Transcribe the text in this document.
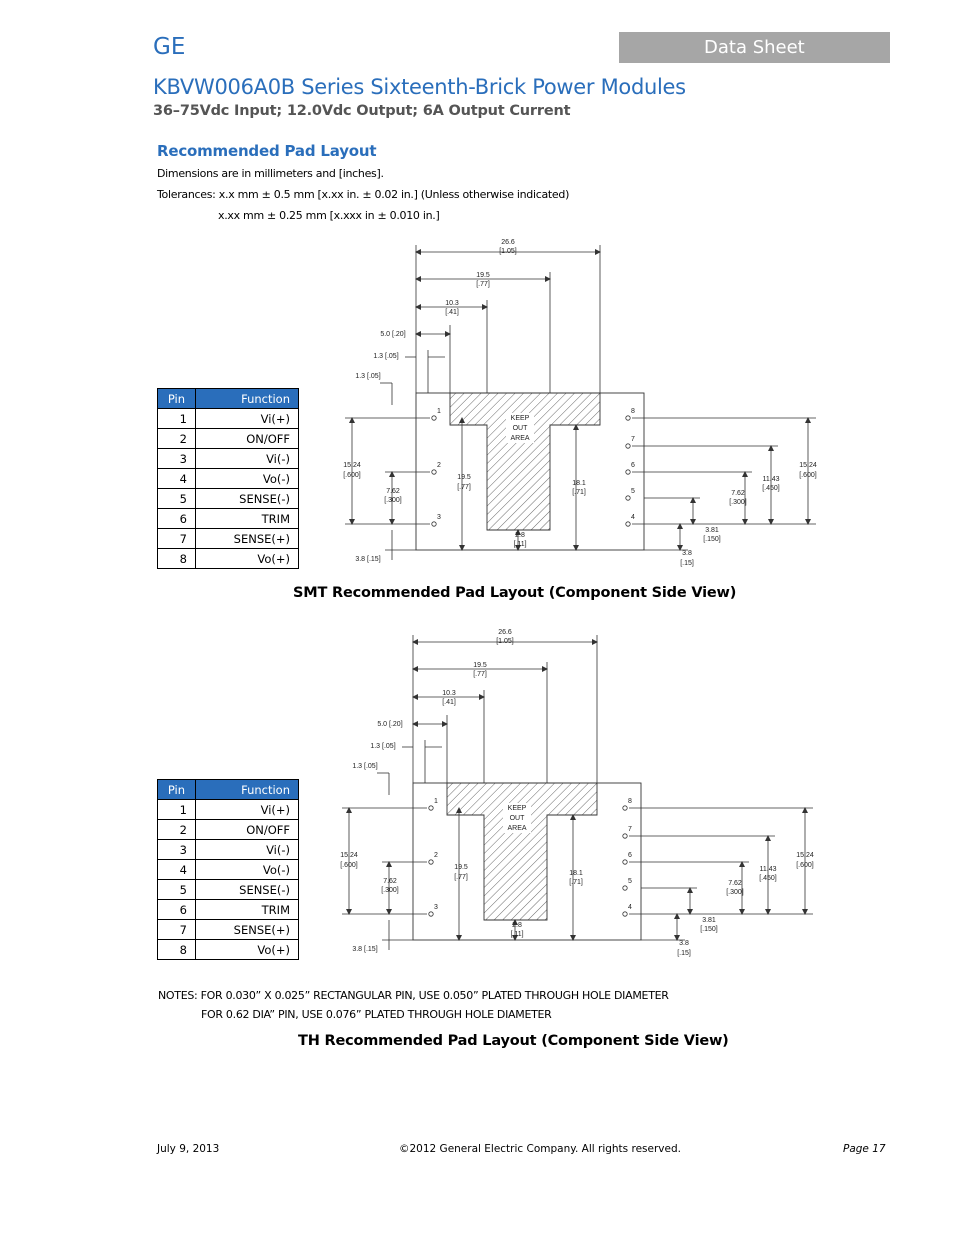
GE	Data Sheet
KBVW006A0B Series Sixteenth-Brick Power Modules
36–75Vdc Input; 12.0Vdc Output; 6A Output Current
Recommended Pad Layout
Dimensions are in millimeters and [inches].
Tolerances: x.x mm ± 0.5 mm [x.xx in. ± 0.02 in.] (Unless otherwise indicated)
x.xx mm ± 0.25 mm [x.xxx in ± 0.010 in.]
Pin	Function
1	Vi(+)
2	ON/OFF
3	Vi(-)
4	Vo(-)
5	SENSE(-)
6	TRIM
7	SENSE(+)
8	Vo(+)
KEEP
OUT
AREA
1
2
3
8
7
6
5
4
26.6
[1.05]
19.5
[.77]
10.3
[.41]
5.0 [.20]
1.3 [.05]
1.3 [.05]
15.24
[.600]
7.62
[.300]
3.8 [.15]
19.5
[.77]
2.8
[.11]
18.1
[.71]
15.24
[.600]
7.62
[.300]
11.43
[.450]
3.81
[.150]
3.8
[.15]
KEEP
OUT
AREA
1
2
3
8
7
6
5
4
26.6
[1.05]
19.5
[.77]
10.3
[.41]
5.0 [.20]
1.3 [.05]
1.3 [.05]
15.24
[.600]
7.62
[.300]
3.8 [.15]
19.5
[.77]
2.8
[.11]
18.1
[.71]
15.24
[.600]
7.62
[.300]
11.43
[.450]
3.81
[.150]
3.8
[.15]
Pin	Function
1	Vi(+)
2	ON/OFF
3	Vi(-)
4	Vo(-)
5	SENSE(-)
6	TRIM
7	SENSE(+)
8	Vo(+)
SMT Recommended Pad Layout (Component Side View)
NOTES: FOR 0.030” X 0.025” RECTANGULAR PIN, USE 0.050” PLATED THROUGH HOLE DIAMETER
FOR 0.62 DIA” PIN, USE 0.076” PLATED THROUGH HOLE DIAMETER
TH Recommended Pad Layout (Component Side View)
July 9, 2013	©2012 General Electric Company. All rights reserved.	Page 17
